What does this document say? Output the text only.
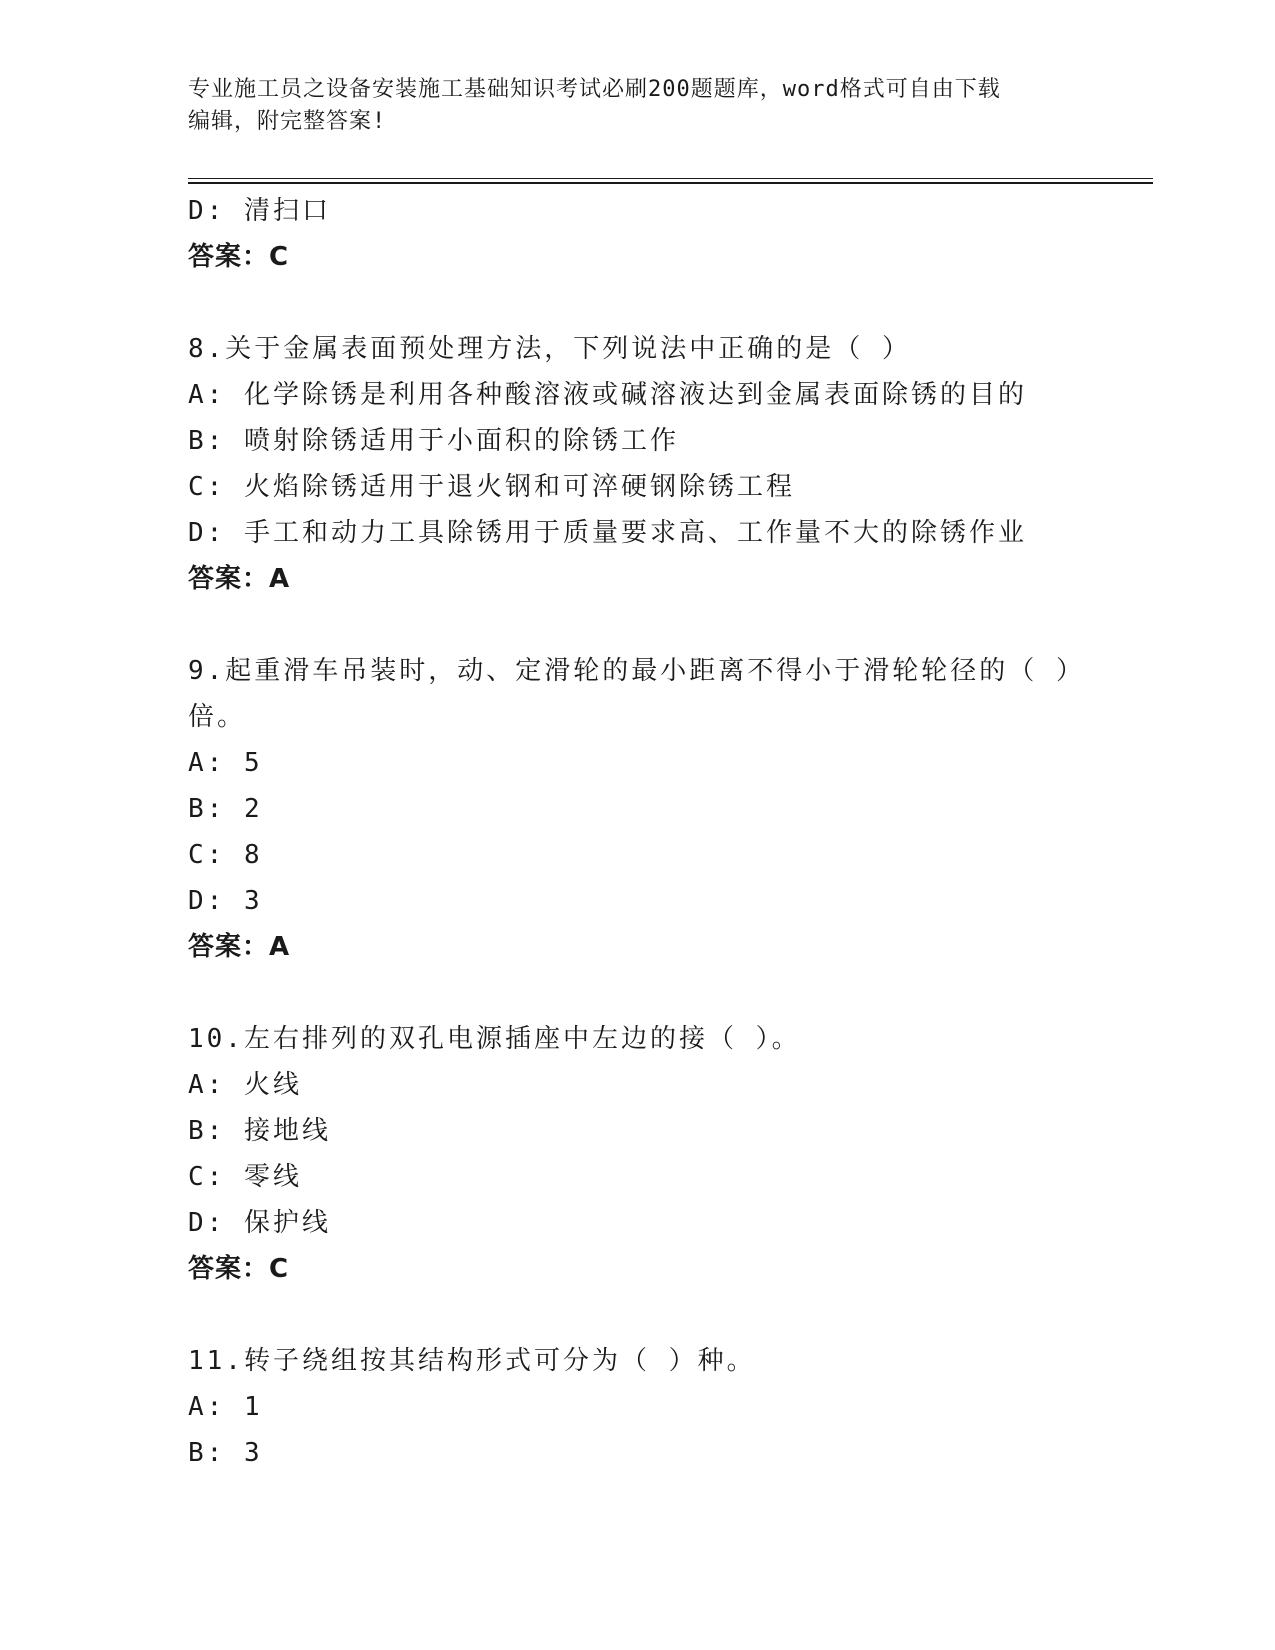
专业施工员之设备安装施工基础知识考试必刷200题题库，word格式可自由下载
编辑，附完整答案!
D: 清扫口
答案：C
8.关于金属表面预处理方法，下列说法中正确的是（ ）
A: 化学除锈是利用各种酸溶液或碱溶液达到金属表面除锈的目的
B: 喷射除锈适用于小面积的除锈工作
C: 火焰除锈适用于退火钢和可淬硬钢除锈工程
D: 手工和动力工具除锈用于质量要求高、工作量不大的除锈作业
答案：A
9.起重滑车吊装时，动、定滑轮的最小距离不得小于滑轮轮径的（ ）
倍。
A: 5
B: 2
C: 8
D: 3
答案：A
10.左右排列的双孔电源插座中左边的接（ ）。
A: 火线
B: 接地线
C: 零线
D: 保护线
答案：C
11.转子绕组按其结构形式可分为（ ）种。
A: 1
B: 3
